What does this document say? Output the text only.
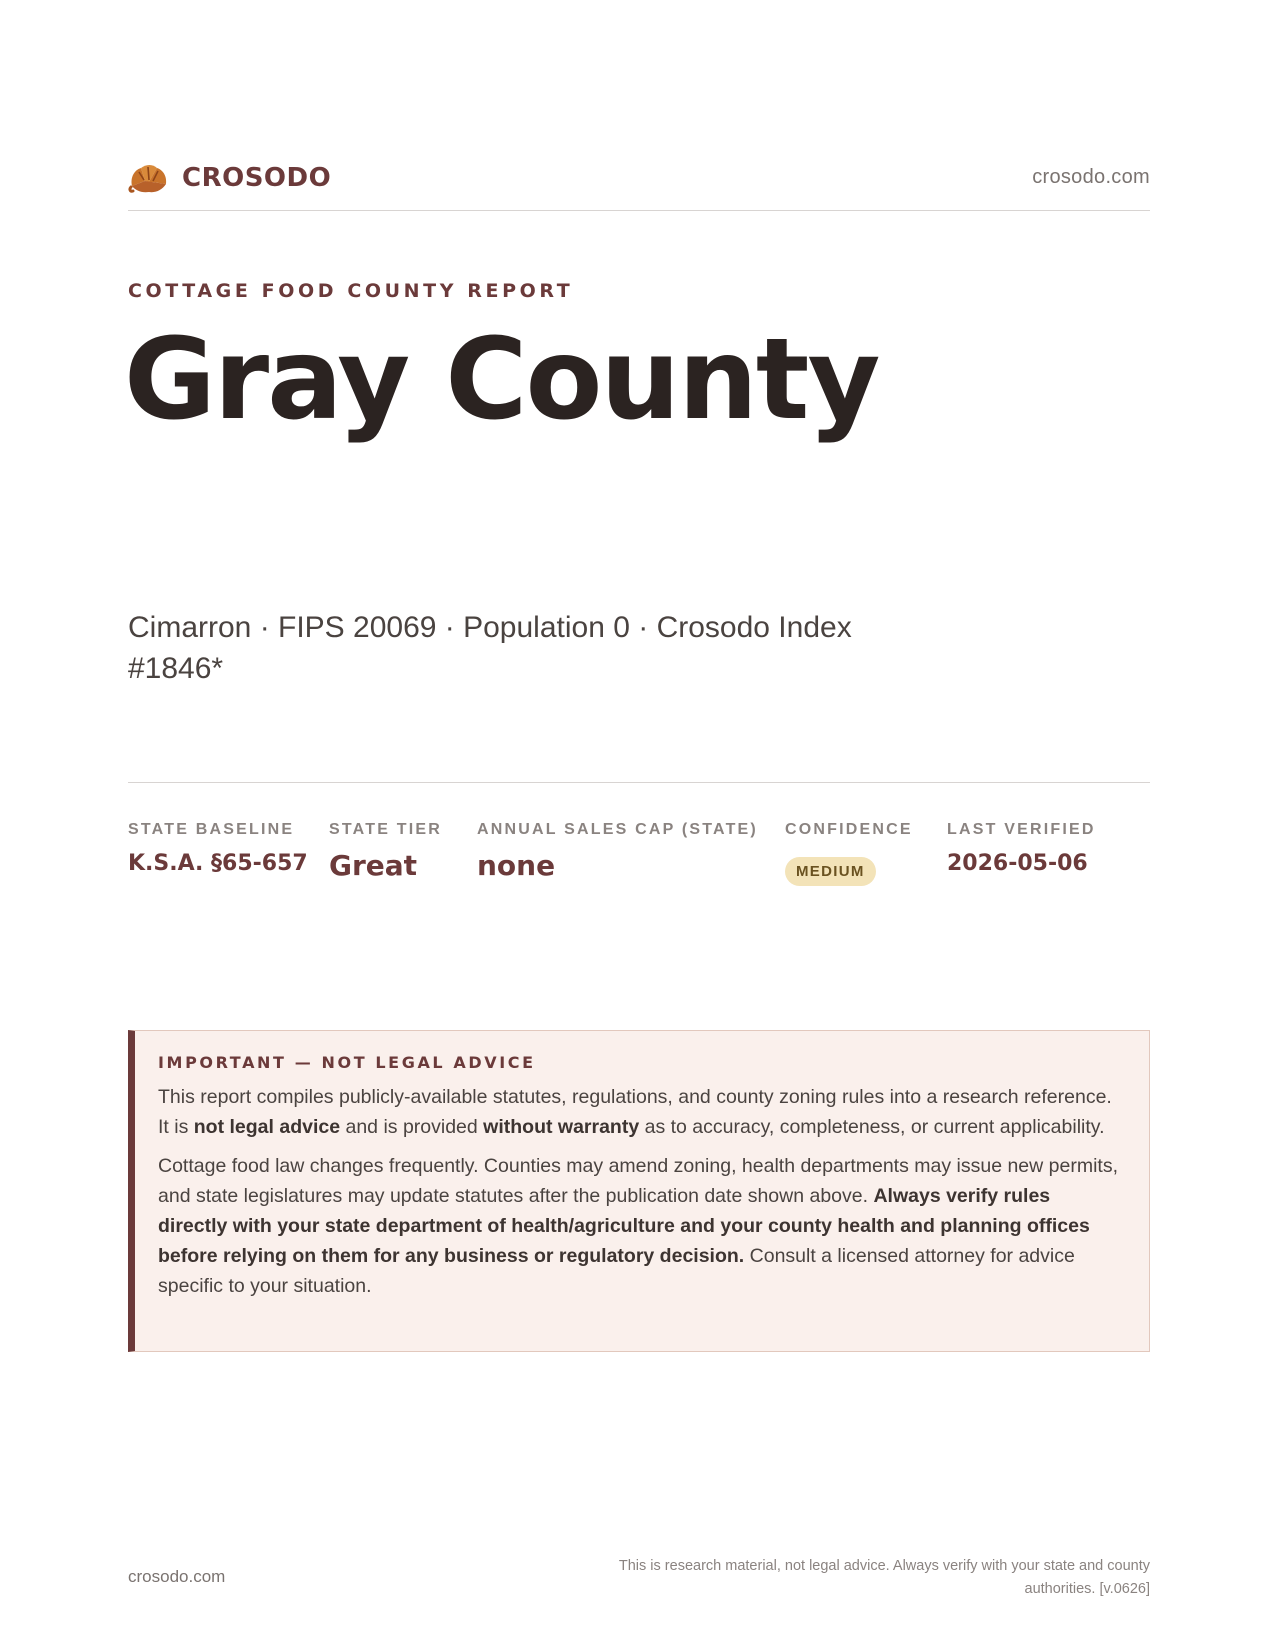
CROSODO	crosodo.com
COTTAGE FOOD COUNTY REPORT
Gray County
Cimarron · FIPS 20069 · Population 0 · Crosodo Index #1846*
STATE BASELINE
K.S.A. §65-657
STATE TIER
Great
ANNUAL SALES CAP (STATE)
none
CONFIDENCE
MEDIUM
LAST VERIFIED
2026-05-06
IMPORTANT — NOT LEGAL ADVICE

This report compiles publicly-available statutes, regulations, and county zoning rules into a research reference. It is not legal advice and is provided without warranty as to accuracy, completeness, or current applicability.

Cottage food law changes frequently. Counties may amend zoning, health departments may issue new permits, and state legislatures may update statutes after the publication date shown above. Always verify rules directly with your state department of health/agriculture and your county health and planning offices before relying on them for any business or regulatory decision. Consult a licensed attorney for advice specific to your situation.

crosodo.com
This is research material, not legal advice. Always verify with your state and county authorities. [v.0626]
